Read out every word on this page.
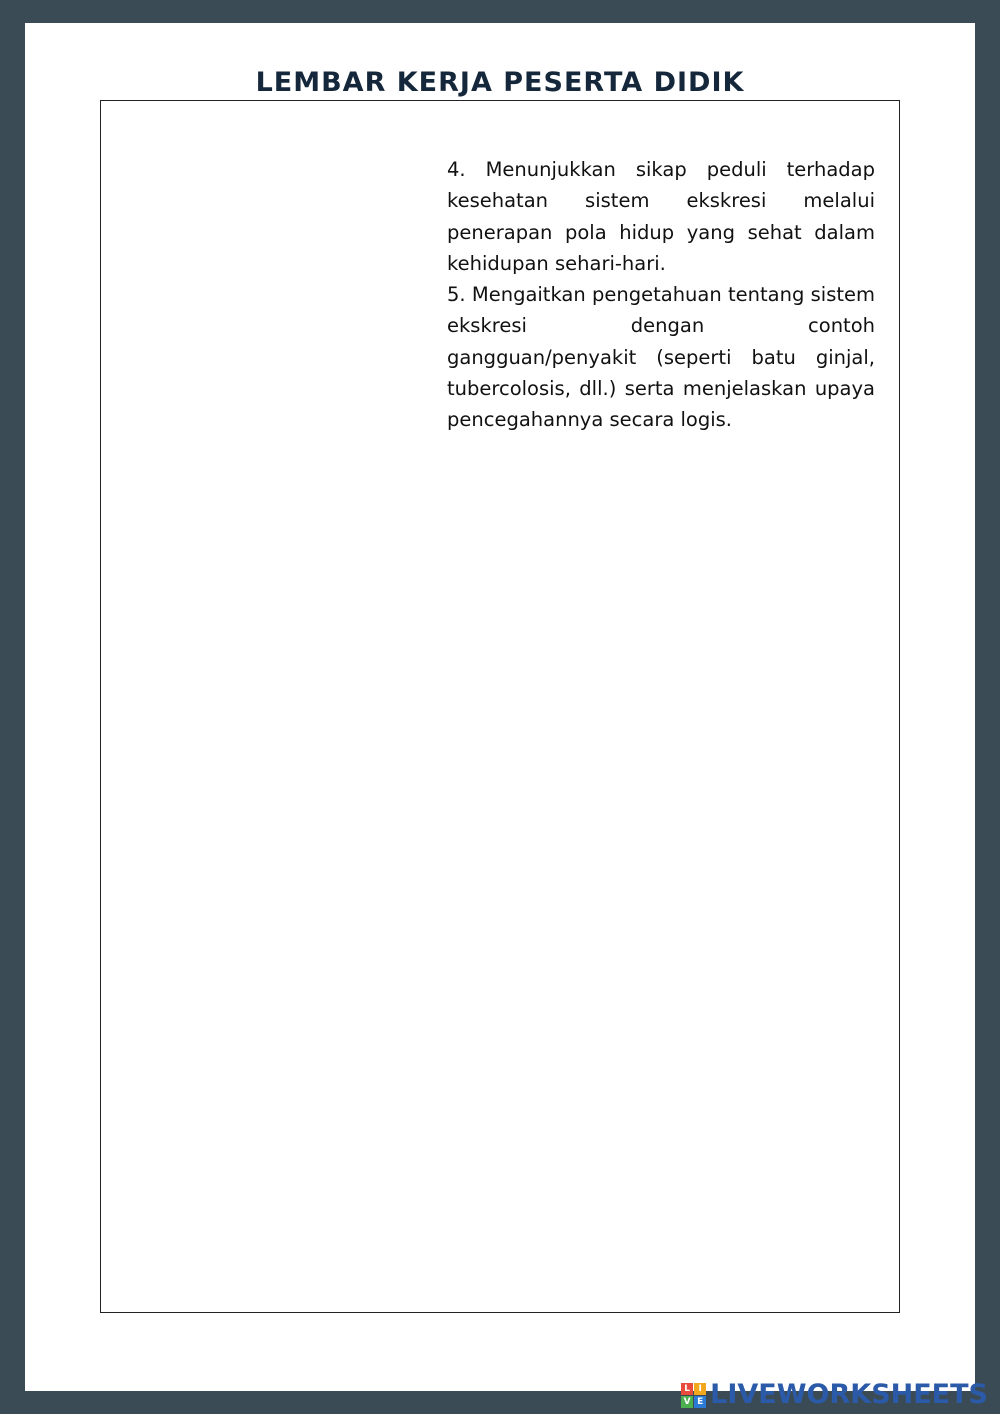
LEMBAR KERJA PESERTA DIDIK
4. Menunjukkan sikap peduli terhadap kesehatan sistem ekskresi melalui penerapan pola hidup yang sehat dalam kehidupan sehari-hari.
5. Mengaitkan pengetahuan tentang sistem ekskresi dengan contoh gangguan/penyakit (seperti batu ginjal, tubercolosis, dll.) serta menjelaskan upaya pencegahannya secara logis.
L I
V E LIVEWORKSHEETS
